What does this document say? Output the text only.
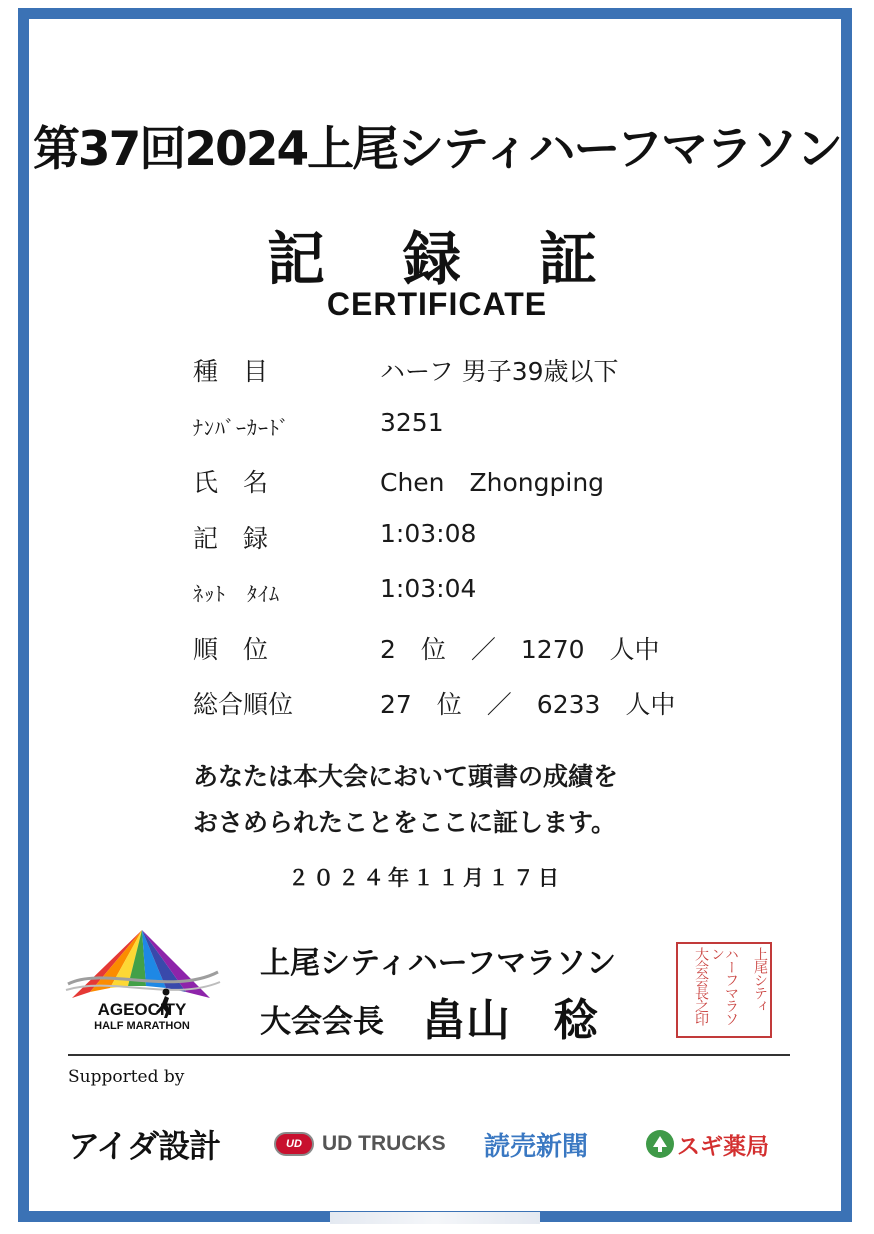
第37回2024上尾シティハーフマラソン
記　録　証
CERTIFICATE
種　目	ハーフ 男子39歳以下
ﾅﾝﾊﾞｰｶｰﾄﾞ	3251
氏　名	Chen　Zhongping
記　録	1:03:08
ﾈｯﾄ　ﾀｲﾑ	1:03:04
順　位	2　位　／　1270　人中
総合順位	27　位　／　6233　人中
あなたは本大会において頭書の成績を
おさめられたことをここに証します。
２０２４年１１月１７日
AGEOCITY
HALF MARATHON
上尾シティハーフマラソン
大会会長 畠山　稔	大会会長之印	ハーフマラソン	上尾シティ
Supported by
アイダ設計	UD UD TRUCKS 読売新聞	スギ薬局
